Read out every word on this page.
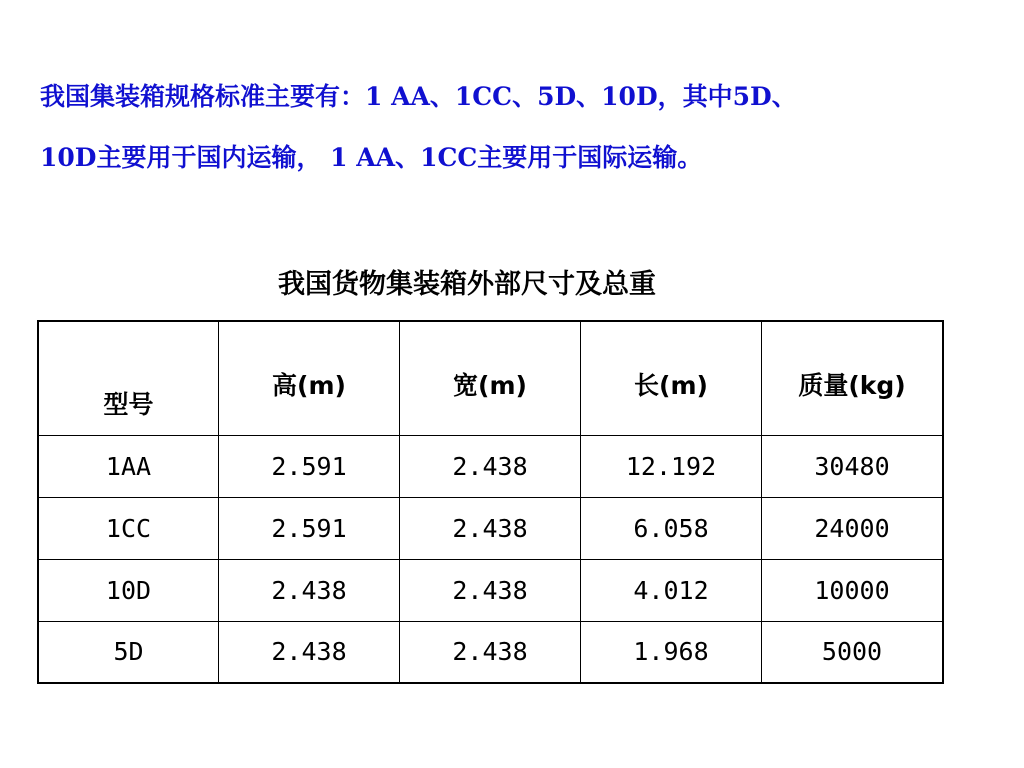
我国集装箱规格标准主要有：1 AA、1CC、5D、10D，其中5D、
10D主要用于国内运输， 1 AA、1CC主要用于国际运输。

我国货物集装箱外部尺寸及总重
型号	高(m)	宽(m)	长(m)	质量(kg)
1AA	2.591	2.438	12.192	30480
1CC	2.591	2.438	6.058	24000
10D	2.438	2.438	4.012	10000
5D	2.438	2.438	1.968	5000
